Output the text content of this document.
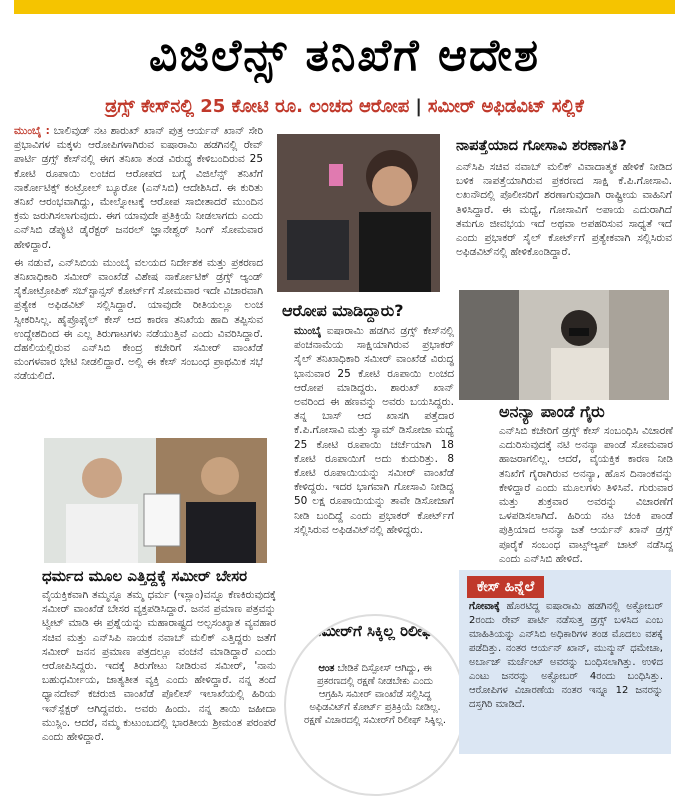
ವಿಜಿಲೆನ್ಸ್ ತನಿಖೆಗೆ ಆದೇಶ
ಡ್ರಗ್ಸ್ ಕೇಸ್‌ನಲ್ಲಿ 25 ಕೋಟಿ ರೂ. ಲಂಚದ ಆರೋಪ | ಸಮೀರ್ ಅಫಿಡವಿಟ್ ಸಲ್ಲಿಕೆ

ಮುಂಬೈ : ಬಾಲಿವುಡ್ ನಟ ಶಾರುಖ್ ಖಾನ್ ಪುತ್ರ ಆರ್ಯನ್ ಖಾನ್ ಸೇರಿ ಪ್ರಭಾವಿಗಳ ಮಕ್ಕಳು ಆರೋಪಿಗಳಾಗಿರುವ ಐಷಾರಾಮಿ ಹಡಗಿನಲ್ಲಿ ರೇವ್ ಪಾರ್ಟಿ ಡ್ರಗ್ಸ್ ಕೇಸ್‌ನಲ್ಲಿ ಈಗ ತನಿಖಾ ತಂಡ ವಿರುದ್ಧ ಕೇಳಿಬಂದಿರುವ 25 ಕೋಟಿ ರೂಪಾಯಿ ಲಂಚದ ಆರೋಪದ ಬಗ್ಗೆ ವಿಜಿಲೆನ್ಸ್ ತನಿಖೆಗೆ ನಾರ್ಕೋಟಿಕ್ಸ್ ಕಂಟ್ರೋಲ್ ಬ್ಯೂರೋ (ಎನ್‌ಸಿಬಿ) ಆದೇಶಿಸಿದೆ. ಈ ಕುರಿತು ತನಿಖೆ ಆರಂಭವಾಗಿದ್ದು, ಮೇಲ್ನೋಟಕ್ಕೆ ಆರೋಪ ಸಾಬೀತಾದರೆ ಮುಂದಿನ ಕ್ರಮ ಜರುಗಿಸಲಾಗುವುದು. ಈಗ ಯಾವುದೇ ಪ್ರತಿಕ್ರಿಯೆ ನೀಡಲಾಗದು ಎಂದು ಎನ್‌ಸಿಬಿ ಡೆಪ್ಯುಟಿ ಡೈರೆಕ್ಟರ್ ಜನರಲ್ ಜ್ಞಾನೇಶ್ವರ್ ಸಿಂಗ್ ಸೋಮವಾರ ಹೇಳಿದ್ದಾರೆ.

ಈ ನಡುವೆ, ಎನ್‌ಸಿಬಿಯ ಮುಂಬೈ ವಲಯದ ನಿರ್ದೇಶಕ ಮತ್ತು ಪ್ರಕರಣದ ತನಿಖಾಧಿಕಾರಿ ಸಮೀರ್ ವಾಂಖೆಡೆ ವಿಶೇಷ ನಾರ್ಕೋಟಿಕ್ ಡ್ರಗ್ಸ್ ಆ್ಯಂಡ್ ಸೈಕೋಟ್ರೋಪಿಕ್ ಸಬ್‌ಸ್ಟಾನ್ಸಸ್ ಕೋರ್ಟ್‌ಗೆ ಸೋಮವಾರ ಇದೇ ವಿಚಾರವಾಗಿ ಪ್ರತ್ಯೇಕ ಅಫಿಡವಿಟ್ ಸಲ್ಲಿಸಿದ್ದಾರೆ. ಯಾವುದೇ ರೀತಿಯಲ್ಲೂ ಲಂಚ ಸ್ವೀಕರಿಸಿಲ್ಲ. ಹೈಪ್ರೊಫೈಲ್ ಕೇಸ್ ಆದ ಕಾರಣ ತನಿಖೆಯ ಹಾದಿ ತಪ್ಪಿಸುವ ಉದ್ದೇಶದಿಂದ ಈ ಎಲ್ಲ ತಿರುಗಾಟಗಳು ನಡೆಯುತ್ತಿವೆ ಎಂದು ವಿವರಿಸಿದ್ದಾರೆ. ದೆಹಲಿಯಲ್ಲಿರುವ ಎನ್‌ಸಿಬಿ ಕೇಂದ್ರ ಕಚೇರಿಗೆ ಸಮೀರ್ ವಾಂಖೆಡೆ ಮಂಗಳವಾರ ಭೇಟಿ ನೀಡಲಿದ್ದಾರೆ. ಅಲ್ಲಿ ಈ ಕೇಸ್ ಸಂಬಂಧ ಪ್ರಾಥಮಿಕ ಸಭೆ ನಡೆಯಲಿದೆ.

ಧರ್ಮದ ಮೂಲ ಎತ್ತಿದ್ದಕ್ಕೆ ಸಮೀರ್ ಬೇಸರ
ವೈಯಕ್ತಿಕವಾಗಿ ತಮ್ಮನ್ನೂ ತಮ್ಮ ಧರ್ಮ (ಇಸ್ಲಾಂ)ವನ್ನೂ ಕೆಣಕಿರುವುದಕ್ಕೆ ಸಮೀರ್ ವಾಂಖೆಡೆ ಬೇಸರ ವ್ಯಕ್ತಪಡಿಸಿದ್ದಾರೆ. ಜನನ ಪ್ರಮಾಣ ಪತ್ರವನ್ನು ಟ್ವೀಟ್ ಮಾಡಿ ಈ ಪ್ರಶ್ನೆಯನ್ನು ಮಹಾರಾಷ್ಟ್ರದ ಅಲ್ಪಸಂಖ್ಯಾತ ವ್ಯವಹಾರ ಸಚಿವ ಮತ್ತು ಎನ್‌ಸಿಪಿ ನಾಯಕ ನವಾಬ್ ಮಲಿಕ್ ಎತ್ತಿದ್ದರು ಜತೆಗೆ ಸಮೀರ್ ಜನನ ಪ್ರಮಾಣ ಪತ್ರದಲ್ಲೂ ವಂಚನೆ ಮಾಡಿದ್ದಾರೆ ಎಂದು ಆರೋಪಿಸಿದ್ದರು. ಇದಕ್ಕೆ ತಿರುಗೇಟು ನೀಡಿರುವ ಸಮೀರ್, 'ನಾನು ಬಹುಧರ್ಮೀಯ, ಜಾತ್ಯತೀತ ವ್ಯಕ್ತಿ ಎಂದು ಹೇಳಿದ್ದಾರೆ. ನನ್ನ ತಂದೆ ಧ್ಯಾನದೇವ್ ಕಚರುಜಿ ವಾಂಖೆಡೆ ಪೊಲೀಸ್ ಇಲಾಖೆಯಲ್ಲಿ ಹಿರಿಯ ಇನ್‌ಸ್ಪೆಕ್ಟರ್ ಆಗಿದ್ದವರು. ಅವರು ಹಿಂದು. ನನ್ನ ತಾಯಿ ಜಹೀದಾ ಮುಸ್ಲಿಂ. ಆದರೆ, ನಮ್ಮ ಕುಟುಂಬದಲ್ಲಿ ಭಾರತೀಯ ಶ್ರೀಮಂತ ಪರಂಪರೆ ಎಂದು ಹೇಳಿದ್ದಾರೆ.
ಆರೋಪ ಮಾಡಿದ್ದಾರು?

ಮುಂಬೈ ಐಷಾರಾಮಿ ಹಡಗಿನ ಡ್ರಗ್ಸ್ ಕೇಸ್‌ನಲ್ಲಿ ಪಂಚನಾಮೆಯ ಸಾಕ್ಷಿಯಾಗಿರುವ ಪ್ರಭಾಕರ್ ಸೈಲ್ ತನಿಖಾಧಿಕಾರಿ ಸಮೀರ್ ವಾಂಖೆಡೆ ವಿರುದ್ಧ ಭಾನುವಾರ 25 ಕೋಟಿ ರೂಪಾಯಿ ಲಂಚದ ಆರೋಪ ಮಾಡಿದ್ದರು. ಶಾರುಖ್ ಖಾನ್ ಅವರಿಂದ ಈ ಹಣವನ್ನು ಅವರು ಬಯಸಿದ್ದರು. ತನ್ನ ಬಾಸ್ ಆದ ಖಾಸಗಿ ಪತ್ತೆದಾರ ಕೆ.ಪಿ.ಗೋಸಾವಿ ಮತ್ತು ಸ್ಯಾಮ್ ಡಿಸೋಜಾ ಮಧ್ಯೆ 25 ಕೋಟಿ ರೂಪಾಯಿ ಚರ್ಚೆಯಾಗಿ 18 ಕೋಟಿ ರೂಪಾಯಿಗೆ ಅದು ಕುದುರಿತ್ತು. 8 ಕೋಟಿ ರೂಪಾಯಿಯನ್ನು ಸಮೀರ್ ವಾಂಖೆಡೆ ಕೇಳಿದ್ದರು. ಇದರ ಭಾಗವಾಗಿ ಗೋಸಾವಿ ನೀಡಿದ್ದ 50 ಲಕ್ಷ ರೂಪಾಯಿಯನ್ನು ತಾವೇ ಡಿಸೋಜಾಗೆ ನೀಡಿ ಬಂದಿದ್ದೆ ಎಂದು ಪ್ರಭಾಕರ್ ಕೋರ್ಟ್‌ಗೆ ಸಲ್ಲಿಸಿರುವ ಅಫಿಡವಿಟ್‌ನಲ್ಲಿ ಹೇಳಿದ್ದರು.

ಸಮೀರ್‌ಗೆ ಸಿಕ್ಕಿಲ್ಲ ರಿಲೀಫ್
ಆಂತ ಬೇಡಿಕೆ ದಿಸ್ಪೋಸ್ ಆಗಿದ್ದು, ಈ ಪ್ರಕರಣದಲ್ಲಿ ರಕ್ಷಣೆ ನೀಡಬೇಕು ಎಂದು ಆಗ್ರಹಿಸಿ ಸಮೀರ್ ವಾಂಖೆಡೆ ಸಲ್ಲಿಸಿದ್ದ ಅಫಿಡವಿಟ್‌ಗೆ ಕೋರ್ಟ್ ಪ್ರತಿಕ್ರಿಯೆ ನೀಡಿಲ್ಲ. ರಕ್ಷಣೆ ವಿಚಾರದಲ್ಲಿ ಸಮೀರ್‌ಗೆ ರಿಲೀಫ್ ಸಿಕ್ಕಿಲ್ಲ.
ನಾಪತ್ತೆಯಾದ ಗೋಸಾವಿ ಶರಣಾಗತಿ?
ಎನ್‌ಸಿಪಿ ಸಚಿವ ನವಾಬ್ ಮಲಿಕ್ ವಿವಾದಾತ್ಮಕ ಹೇಳಿಕೆ ನೀಡಿದ ಬಳಿಕ ನಾಪತ್ತೆಯಾಗಿರುವ ಪ್ರಕರಣದ ಸಾಕ್ಷಿ ಕೆ.ಪಿ.ಗೋಸಾವಿ. ಲಖನೌದಲ್ಲಿ ಪೊಲೀಸರಿಗೆ ಶರಣಾಗುವುದಾಗಿ ರಾಷ್ಟ್ರೀಯ ವಾಹಿನಿಗೆ ತಿಳಿಸಿದ್ದಾರೆ. ಈ ಮಧ್ಯೆ, ಗೋಸಾವಿಗೆ ಅಪಾಯ ಎದುರಾಗಿದೆ ತಮಗೂ ಜೀವಭಯ ಇದೆ ಅಥವಾ ಅಪಹರಿಸುವ ಸಾಧ್ಯತೆ ಇದೆ ಎಂದು ಪ್ರಭಾಕರ್ ಸೈಲ್ ಕೋರ್ಟ್‌ಗೆ ಪ್ರತ್ಯೇಕವಾಗಿ ಸಲ್ಲಿಸಿರುವ ಅಫಿಡವಿಟ್‌ನಲ್ಲಿ ಹೇಳಿಕೊಂಡಿದ್ದಾರೆ.
ಅನನ್ಯಾ ಪಾಂಡೆ ಗೈರು
ಎನ್‌ಸಿಬಿ ಕಚೇರಿಗೆ ಡ್ರಗ್ಸ್ ಕೇಸ್ ಸಂಬಂಧಿಸಿ ವಿಚಾರಣೆ ಎದುರಿಸುವುದಕ್ಕೆ ನಟಿ ಅನನ್ಯಾ ಪಾಂಡೆ ಸೋಮವಾರ ಹಾಜರಾಗಲಿಲ್ಲ. ಆದರೆ, ವೈಯಕ್ತಿಕ ಕಾರಣ ನೀಡಿ ತನಿಖೆಗೆ ಗೈರಾಗಿರುವ ಅನನ್ಯಾ, ಹೊಸ ದಿನಾಂಕವನ್ನು ಕೇಳಿದ್ದಾರೆ ಎಂದು ಮೂಲಗಳು ತಿಳಿಸಿವೆ. ಗುರುವಾರ ಮತ್ತು ಶುಕ್ರವಾರ ಅವರನ್ನು ವಿಚಾರಣೆಗೆ ಒಳಪಡಿಸಲಾಗಿದೆ. ಹಿರಿಯ ನಟ ಚಂಕಿ ಪಾಂಡೆ ಪುತ್ರಿಯಾದ ಅನನ್ಯಾ ಜತೆ ಆರ್ಯನ್ ಖಾನ್ ಡ್ರಗ್ಸ್ ಪೂರೈಕೆ ಸಂಬಂಧ ವಾಟ್ಸ್‌ಆ್ಯಪ್ ಚಾಟ್ ನಡೆಸಿದ್ದ ಎಂದು ಎನ್‌ಸಿಬಿ ಹೇಳಿದೆ.
ಕೇಸ್ ಹಿನ್ನೆಲೆ
ಗೋವಾಕ್ಕೆ ಹೊರಟಿದ್ದ ಐಷಾರಾಮಿ ಹಡಗಿನಲ್ಲಿ ಅಕ್ಟೋಬರ್ 2ರಂದು ರೇವ್ ಪಾರ್ಟಿ ನಡೆಸುತ್ತ ಡ್ರಗ್ಸ್ ಬಳಸಿದ ಎಂಬ ಮಾಹಿತಿಯನ್ನು ಎನ್‌ಸಿಬಿ ಅಧಿಕಾರಿಗಳ ತಂಡ ಮೊದಲು ವಶಕ್ಕೆ ಪಡೆದಿತ್ತು. ನಂತರ ಆರ್ಯನ್ ಖಾನ್, ಮುನ್ಮುನ್ ಧಮೇಚಾ, ಅರ್ಬಾಜ್ ಮರ್ಚೆಂಟ್ ಅವರನ್ನು ಬಂಧಿಸಲಾಗಿತ್ತು. ಉಳಿದ ಎಂಟು ಜನರನ್ನು ಅಕ್ಟೋಬರ್ 4ರಂದು ಬಂಧಿಸಿತ್ತು. ಆರೋಪಿಗಳ ವಿಚಾರಣೆಯ ನಂತರ ಇನ್ನೂ 12 ಜನರನ್ನು ದಸ್ತಗಿರಿ ಮಾಡಿದೆ.
